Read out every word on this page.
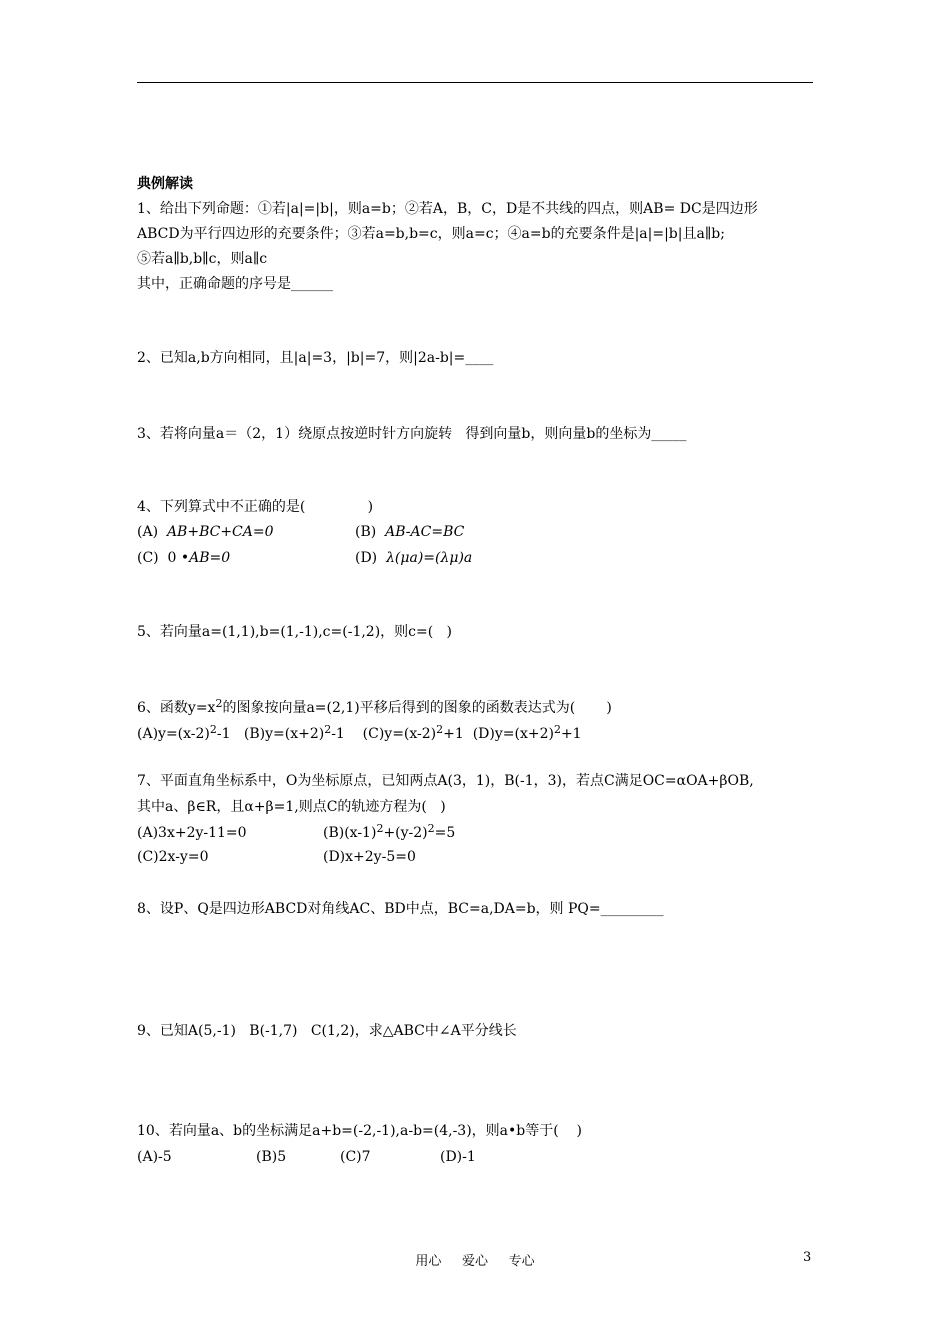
典例解读
1、给出下列命题：①若|a|=|b|，则a=b；②若A，B，C，D是不共线的四点，则AB= DC是四边形
ABCD为平行四边形的充要条件；③若a=b,b=c，则a=c；④a=b的充要条件是|a|=|b|且a∥b;
⑤若a∥b,b∥c，则a∥c
其中，正确命题的序号是______
2、已知a,b方向相同，且|a|=3，|b|=7，则|2a-b|=____
3、若将向量a＝（2，1）绕原点按逆时针方向旋转   得到向量b，则向量b的坐标为_____
4、下列算式中不正确的是(              )
(A)  AB+BC+CA=0	(B)  AB-AC=BC
(C)  0 •AB=0	(D)  λ(μa)=(λμ)a
5、若向量a=(1,1),b=(1,-1),c=(-1,2)，则c=(   )
6、函数$y=x^2$的图象按向量a=(2,1)平移后得到的图象的函数表达式为(       )
$(A)y=(x-2)^2-1$ $(B)y=(x+2)^2-1$ $(C)y=(x-2)^2+1$ $(D)y=(x+2)^2+1$
7、平面直角坐标系中，O为坐标原点，已知两点A(3，1)，B(-1，3)，若点C满足OC=αOA+βOB,
其中a、β∈R，且α+β=1,则点C的轨迹方程为(   )
(A)3x+2y-11=0	$(B)(x-1)^2+(y-2)^2=5$
(C)2x-y=0	(D)x+2y-5=0
8、设P、Q是四边形ABCD对角线AC、BD中点，BC=a,DA=b，则 PQ=_________
9、已知A(5,-1)   B(-1,7)   C(1,2)，求△ABC中∠A平分线长
10、若向量a、b的坐标满足a+b=(-2,-1),a-b=(4,-3)，则a•b等于(    )
(A)-5	(B)5	(C)7	(D)-1
用心     爱心     专心	3
